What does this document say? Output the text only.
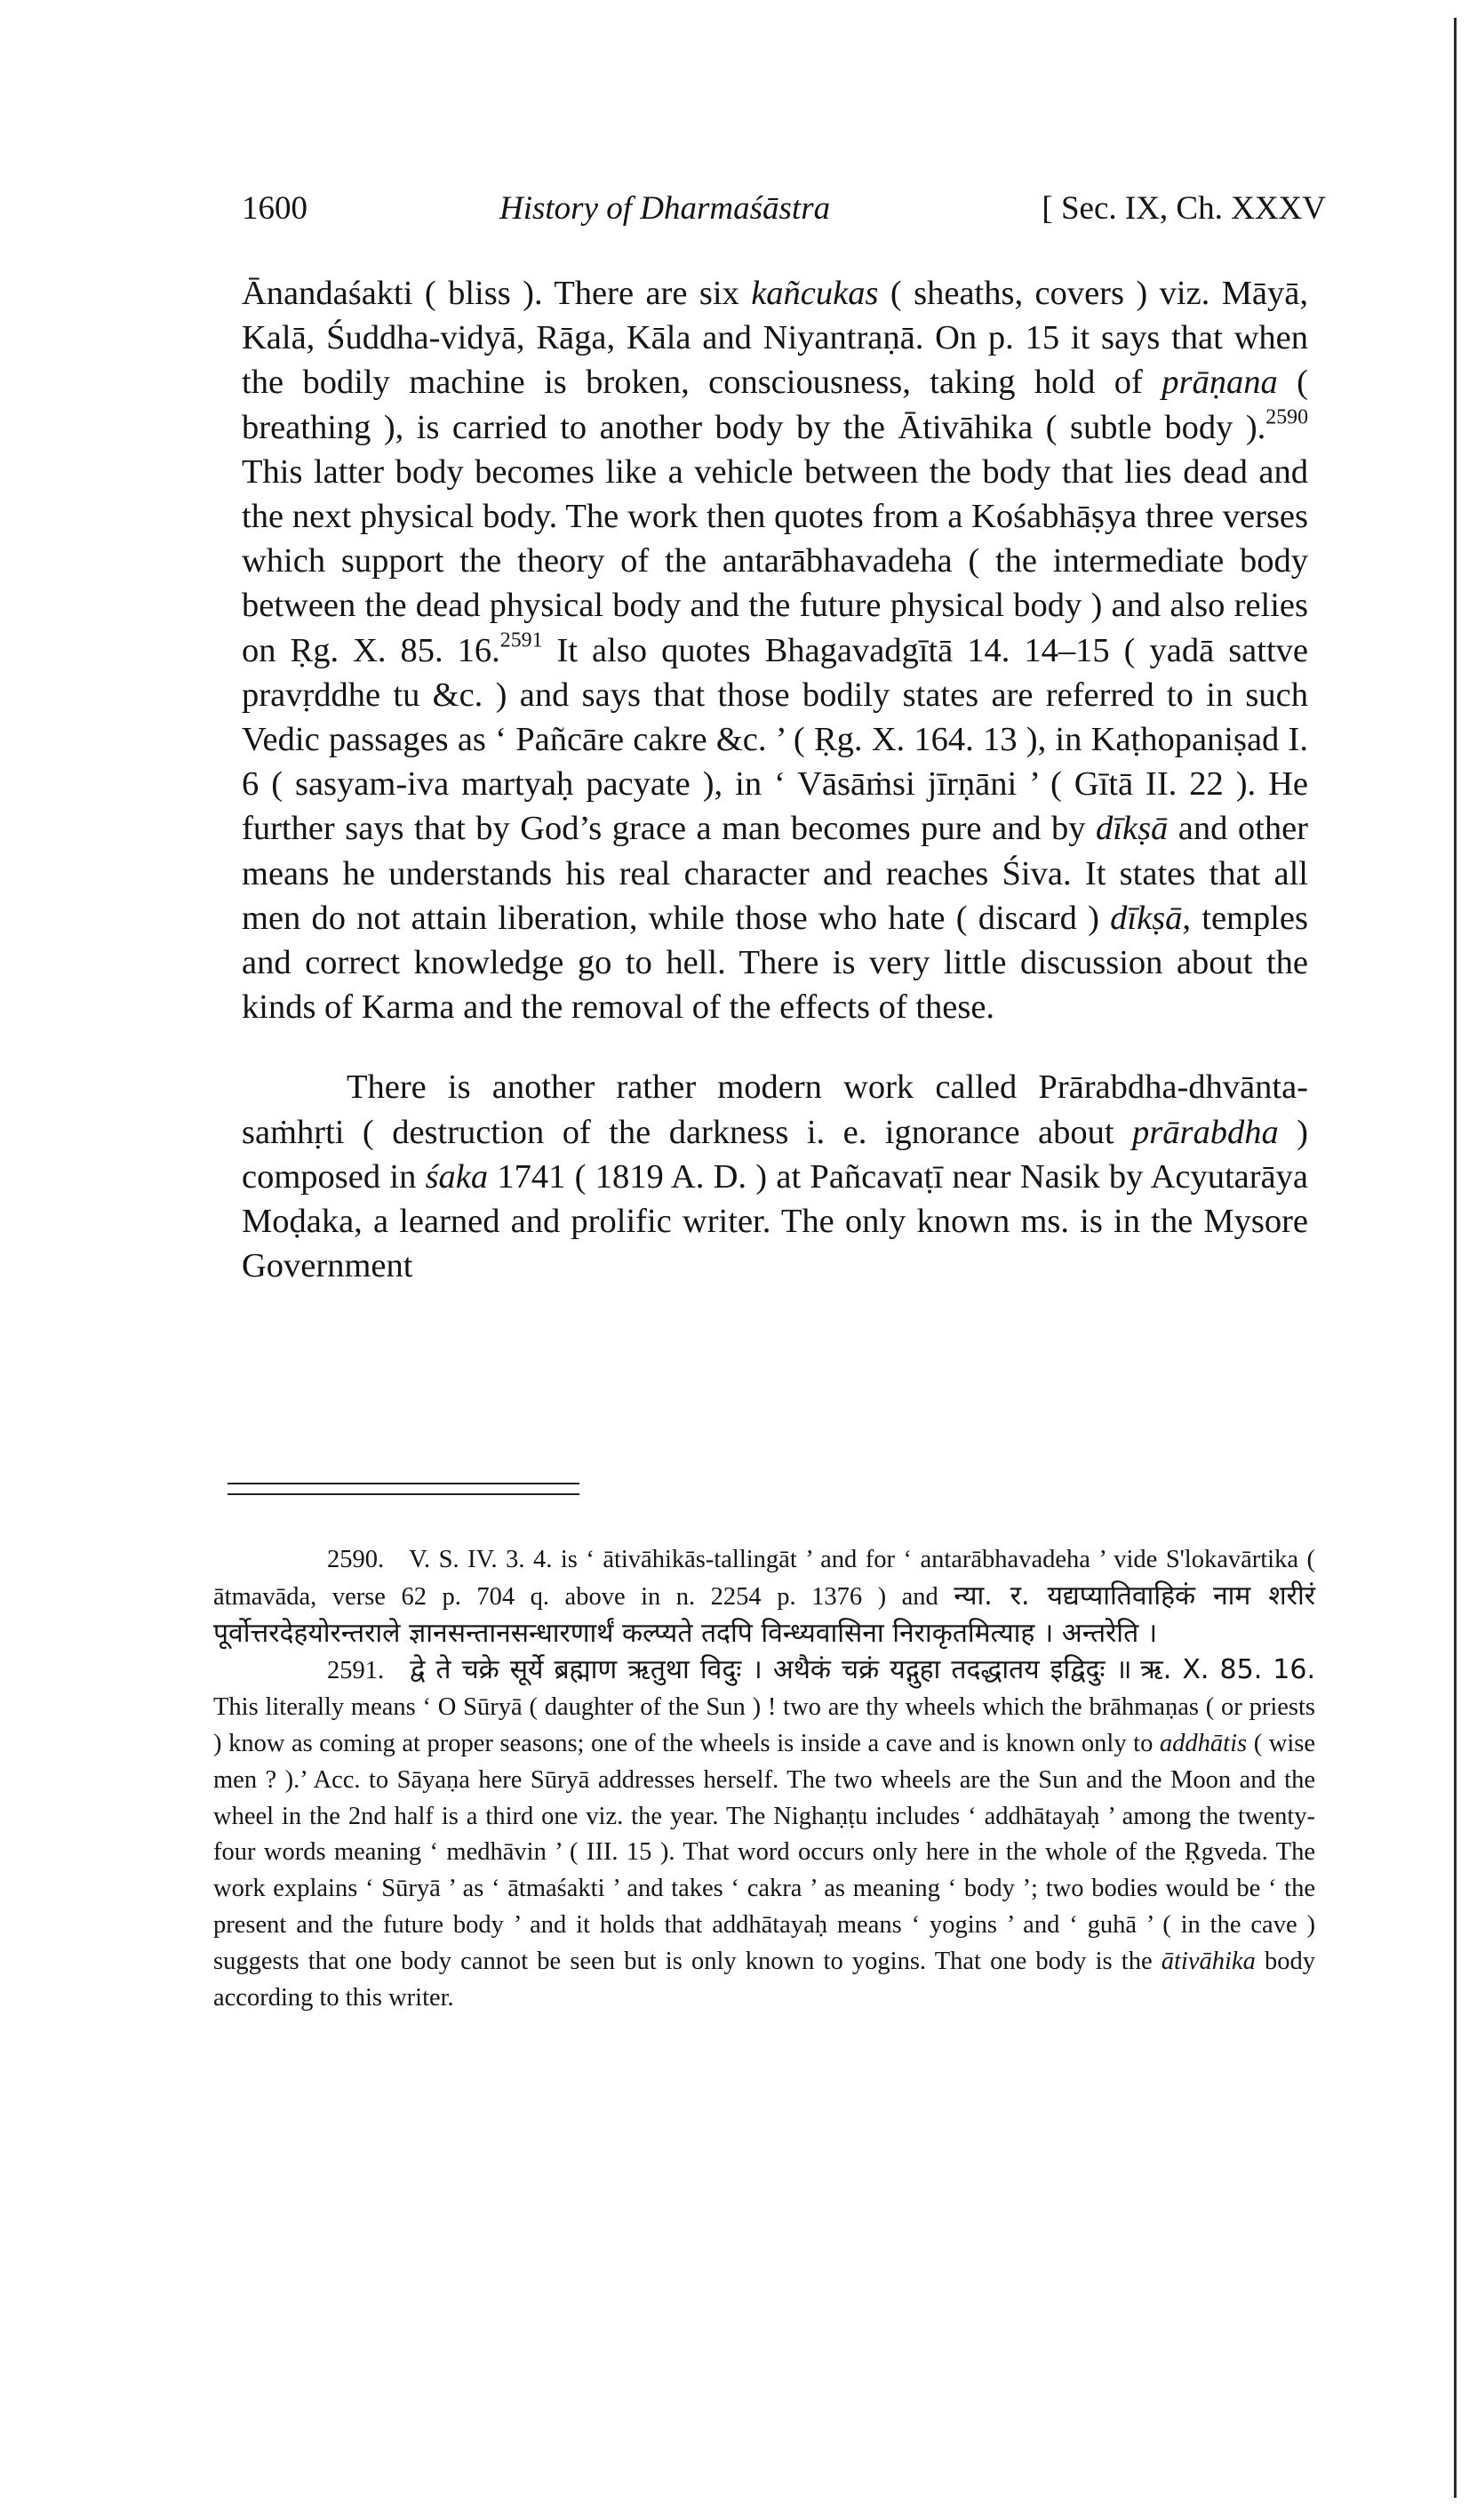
1600	History of Dharmaśāstra	[ Sec. IX, Ch. XXXV

Ānandaśakti ( bliss ). There are six kañcukas ( sheaths, covers ) viz. Māyā, Kalā, Śuddha-vidyā, Rāga, Kāla and Niyantraṇā. On p. 15 it says that when the bodily machine is broken, consciousness, taking hold of prāṇana ( breathing ), is carried to another body by the Ātivāhika ( subtle body ).$^{2590}$ This latter body becomes like a vehicle between the body that lies dead and the next physical body. The work then quotes from a Kośabhāṣya three verses which support the theory of the antarābhavadeha ( the intermediate body between the dead physical body and the future physical body ) and also relies on Ṛg. X. 85. 16.$^{2591}$ It also quotes Bhagavadgītā 14. 14–15 ( yadā sattve pravṛddhe tu &c. ) and says that those bodily states are referred to in such Vedic passages as ‘ Pañcāre cakre &c. ’ ( Ṛg. X. 164. 13 ), in Kaṭhopaniṣad I. 6 ( sasyam-iva martyaḥ pacyate ), in ‘ Vāsāṁsi jīrṇāni ’ ( Gītā II. 22 ). He further says that by God’s grace a man becomes pure and by dīkṣā and other means he understands his real character and reaches Śiva. It states that all men do not attain liberation, while those who hate ( discard ) dīkṣā, temples and correct knowledge go to hell. There is very little discussion about the kinds of Karma and the removal of the effects of these.

There is another rather modern work called Prārabdha-dhvānta-saṁhṛti ( destruction of the darkness i. e. ignorance about prārabdha ) composed in śaka 1741 ( 1819 A. D. ) at Pañcavaṭī near Nasik by Acyutarāya Moḍaka, a learned and prolific writer. The only known ms. is in the Mysore Government

2590. V. S. IV. 3. 4. is ‘ ātivāhikās-tallingāt ’ and for ‘ antarābhavadeha ’ vide S'lokavārtika ( ātmavāda, verse 62 p. 704 q. above in n. 2254 p. 1376 ) and न्या. र. यद्यप्यातिवाहिकं नाम शरीरं पूर्वोत्तरदेहयोरन्तराले ज्ञानसन्तानसन्धारणार्थं कल्प्यते तदपि विन्ध्यवासिना निराकृतमित्याह । अन्तरेति ।

2591. द्वे ते चक्रे सूर्ये ब्रह्माण ऋतुथा विदुः । अथैकं चक्रं यद्गुहा तदद्धातय इद्विदुः ॥ ऋ. X. 85. 16. This literally means ‘ O Sūryā ( daughter of the Sun ) ! two are thy wheels which the brāhmaṇas ( or priests ) know as coming at proper seasons; one of the wheels is inside a cave and is known only to addhātis ( wise men ? ).’ Acc. to Sāyaṇa here Sūryā addresses herself. The two wheels are the Sun and the Moon and the wheel in the 2nd half is a third one viz. the year. The Nighaṇṭu includes ‘ addhātayaḥ ’ among the twenty-four words meaning ‘ medhāvin ’ ( III. 15 ). That word occurs only here in the whole of the Ṛgveda. The work explains ‘ Sūryā ’ as ‘ ātmaśakti ’ and takes ‘ cakra ’ as meaning ‘ body ’; two bodies would be ‘ the present and the future body ’ and it holds that addhātayaḥ means ‘ yogins ’ and ‘ guhā ’ ( in the cave ) suggests that one body cannot be seen but is only known to yogins. That one body is the ātivāhika body according to this writer.
